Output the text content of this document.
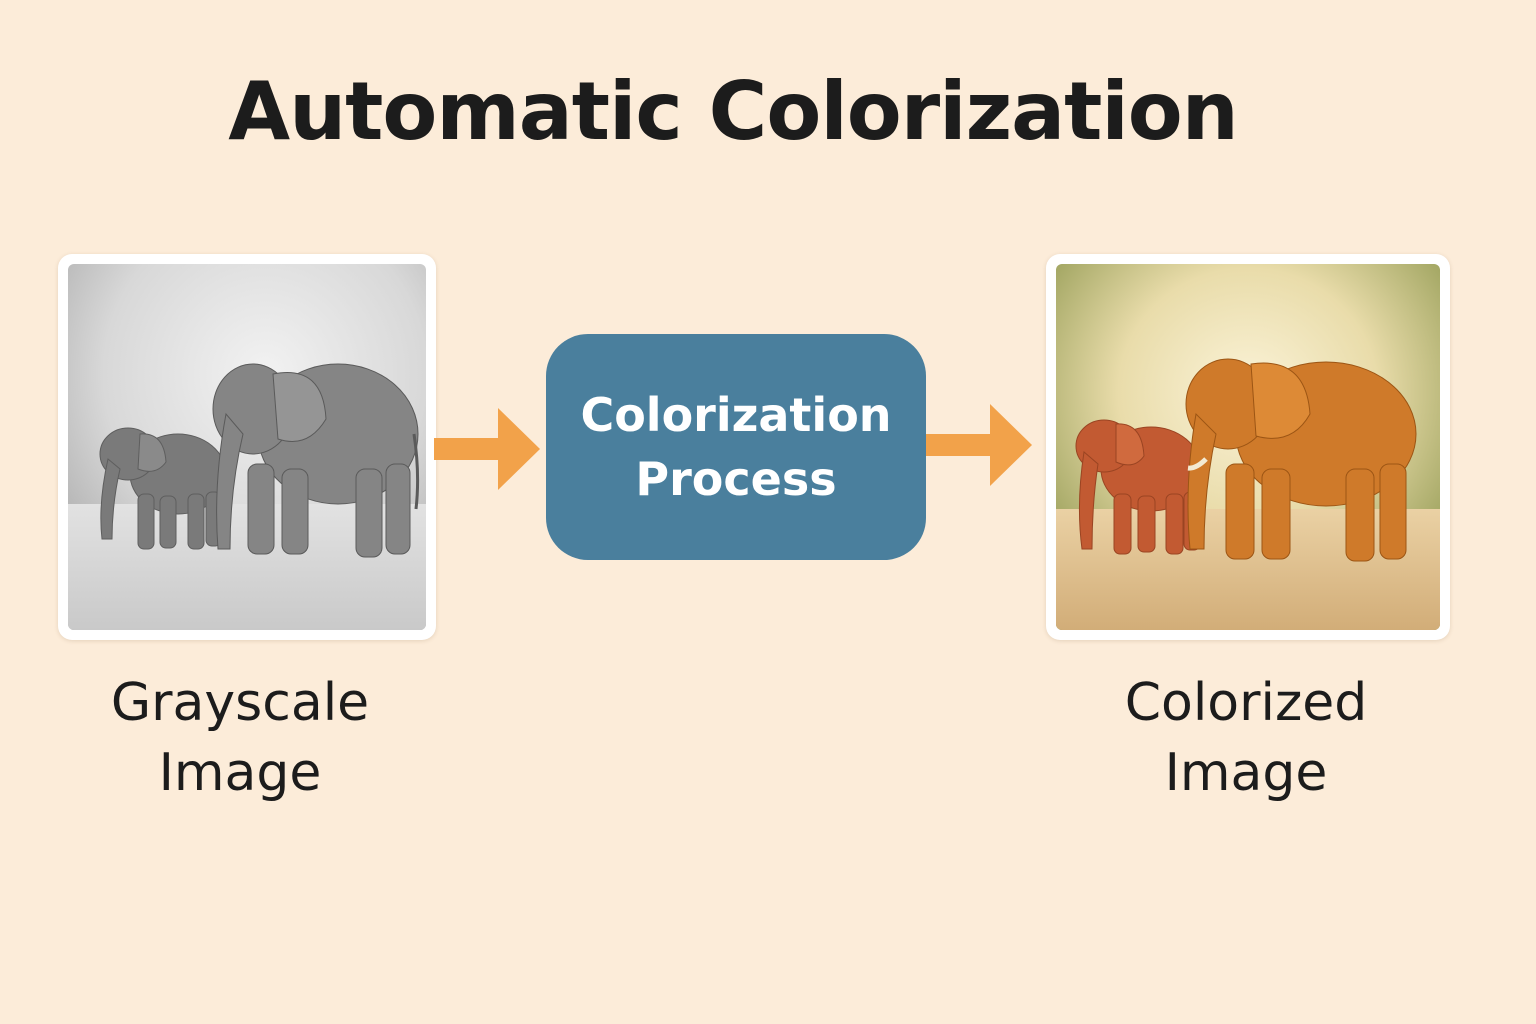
Automatic Colorization
Colorization
Process
Grayscale
Image
Colorized
Image
